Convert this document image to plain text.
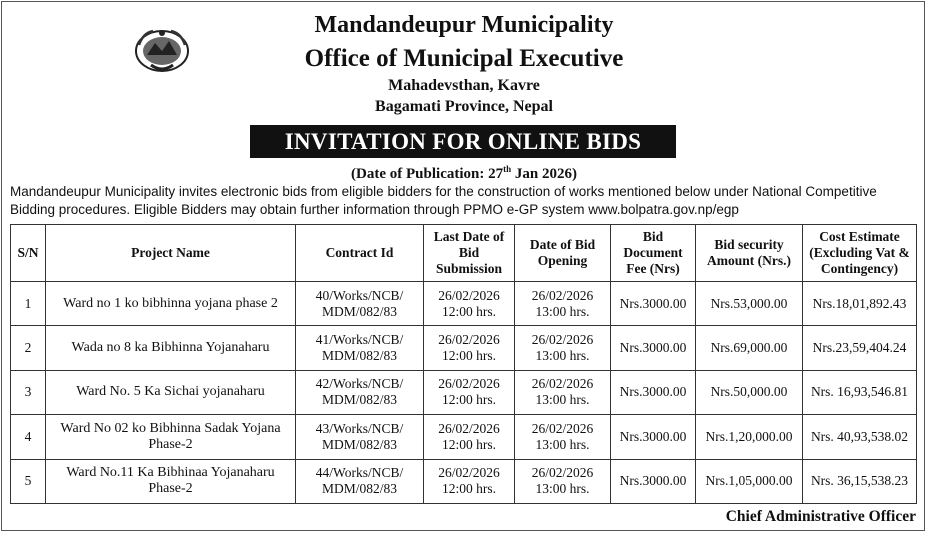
Mandandeupur Municipality
Office of Municipal Executive
Mahadevsthan, Kavre
Bagamati Province, Nepal
INVITATION FOR ONLINE BIDS
(Date of Publication: 27th Jan 2026)
Mandandeupur Municipality invites electronic bids from eligible bidders for the construction of works mentioned below under National Competitive Bidding procedures. Eligible Bidders may obtain further information through PPMO e-GP system www.bolpatra.gov.np/egp
S/N	Project Name	Contract Id	Last Date of Bid Submission	Date of Bid Opening	Bid Document Fee (Nrs)	Bid security Amount (Nrs.)	Cost Estimate (Excluding Vat & Contingency)
1	Ward no 1 ko bibhinna yojana phase 2	40/Works/NCB/ MDM/082/83	26/02/2026 12:00 hrs.	26/02/2026 13:00 hrs.	Nrs.3000.00	Nrs.53,000.00	Nrs.18,01,892.43
2	Wada no 8 ka Bibhinna Yojanaharu	41/Works/NCB/ MDM/082/83	26/02/2026 12:00 hrs.	26/02/2026 13:00 hrs.	Nrs.3000.00	Nrs.69,000.00	Nrs.23,59,404.24
3	Ward No. 5 Ka Sichai yojanaharu	42/Works/NCB/ MDM/082/83	26/02/2026 12:00 hrs.	26/02/2026 13:00 hrs.	Nrs.3000.00	Nrs.50,000.00	Nrs. 16,93,546.81
4	Ward No 02 ko Bibhinna Sadak Yojana Phase-2	43/Works/NCB/ MDM/082/83	26/02/2026 12:00 hrs.	26/02/2026 13:00 hrs.	Nrs.3000.00	Nrs.1,20,000.00	Nrs. 40,93,538.02
5	Ward No.11 Ka Bibhinaa Yojanaharu Phase-2	44/Works/NCB/ MDM/082/83	26/02/2026 12:00 hrs.	26/02/2026 13:00 hrs.	Nrs.3000.00	Nrs.1,05,000.00	Nrs. 36,15,538.23
Chief Administrative Officer
